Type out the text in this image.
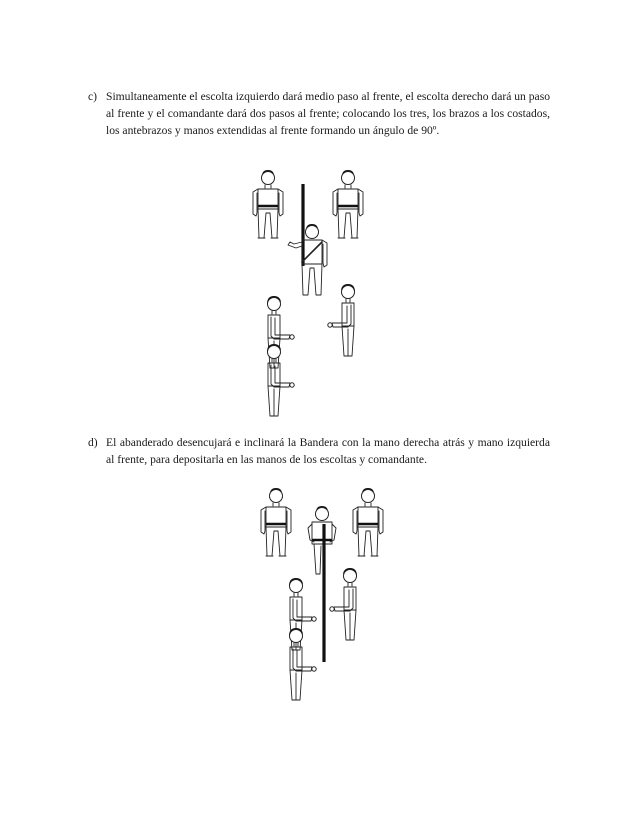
c) Simultaneamente el escolta izquierdo dará medio paso al frente, el escolta derecho dará un paso al frente y el comandante dará dos pasos al frente; colocando los tres, los brazos a los costados, los antebrazos y manos extendidas al frente formando un ángulo de 90º.
d) El abanderado desencujará e inclinará la Bandera con la mano derecha atrás y mano izquierda al frente, para depositarla en las manos de los escoltas y comandante.
